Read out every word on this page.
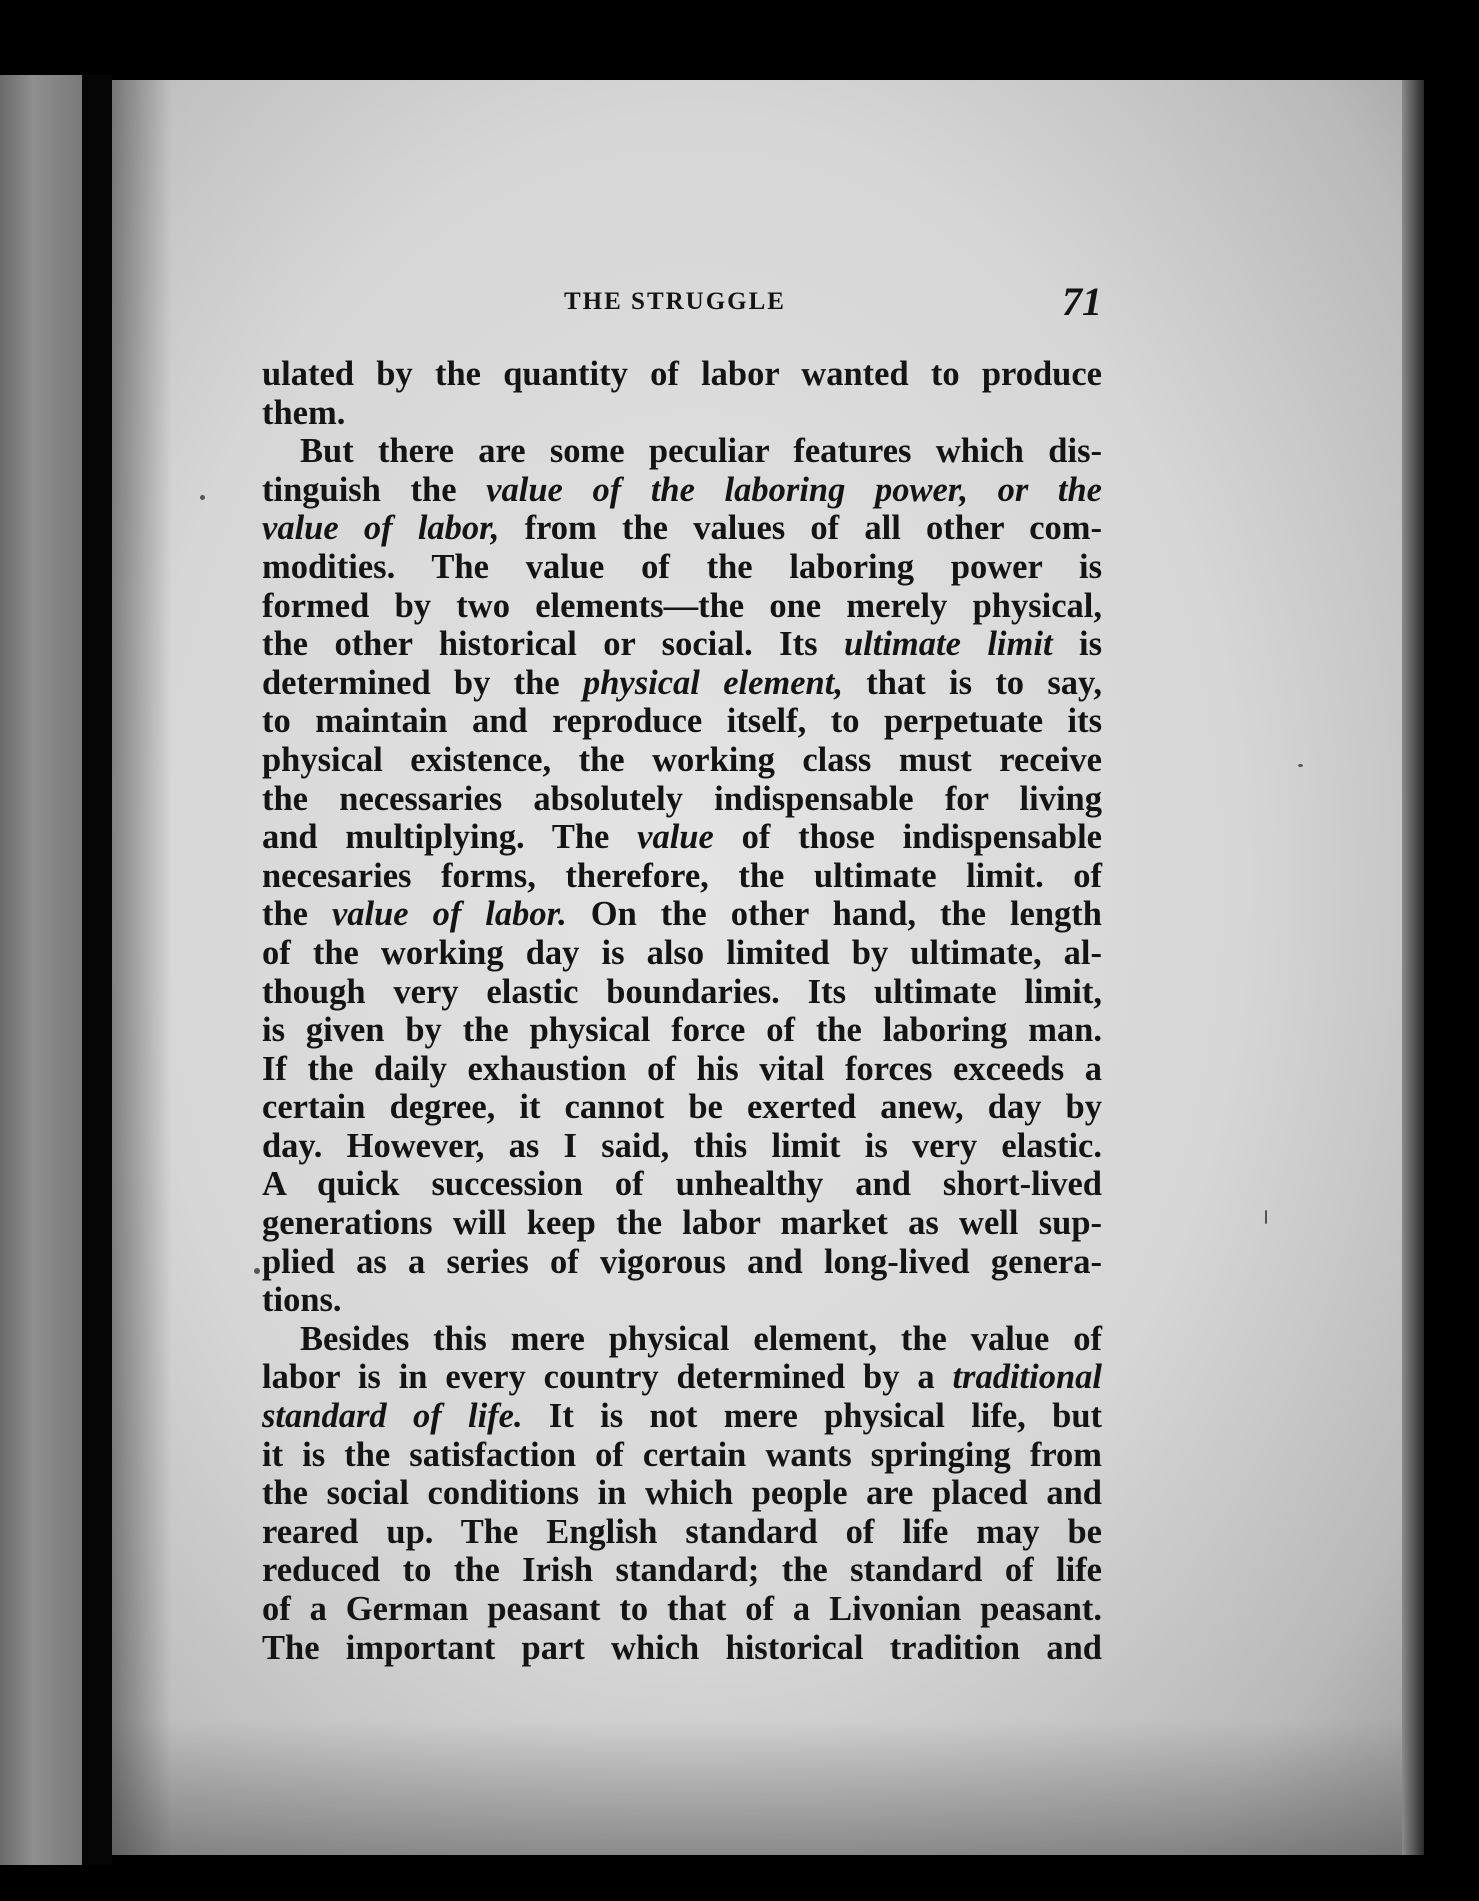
THE STRUGGLE	71
ulated by the quantity of labor wanted to produce
them.
But there are some peculiar features which dis-
tinguish the value of the laboring power, or the
value of labor, from the values of all other com-
modities. The value of the laboring power is
formed by two elements—the one merely physical,
the other historical or social. Its ultimate limit is
determined by the physical element, that is to say,
to maintain and reproduce itself, to perpetuate its
physical existence, the working class must receive
the necessaries absolutely indispensable for living
and multiplying. The value of those indispensable
necesaries forms, therefore, the ultimate limit. of
the value of labor. On the other hand, the length
of the working day is also limited by ultimate, al-
though very elastic boundaries. Its ultimate limit,
is given by the physical force of the laboring man.
If the daily exhaustion of his vital forces exceeds a
certain degree, it cannot be exerted anew, day by
day. However, as I said, this limit is very elastic.
A quick succession of unhealthy and short-lived
generations will keep the labor market as well sup-
plied as a series of vigorous and long-lived genera-
tions.
Besides this mere physical element, the value of
labor is in every country determined by a traditional
standard of life. It is not mere physical life, but
it is the satisfaction of certain wants springing from
the social conditions in which people are placed and
reared up. The English standard of life may be
reduced to the Irish standard; the standard of life
of a German peasant to that of a Livonian peasant.
The important part which historical tradition and
